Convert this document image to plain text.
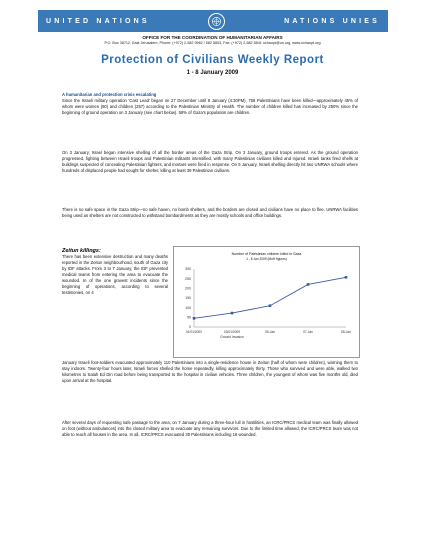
UNITED NATIONS	NATIONS UNIES
OFFICE FOR THE COORDINATION OF HUMANITARIAN AFFAIRS
P.O. Box 38712, East Jerusalem, Phone: (+972) 2-582 9962 / 582 5853, Fax: (+972) 2-582 5841 ochaopt@un.org, www.ochaopt.org
Protection of Civilians Weekly Report
1 - 8 January 2009
A humanitarian and protection crisis escalating
Since the Israeli military operation 'Cast Lead' began on 27 December until 8 January (4:30PM), 758 Palestinians have been killed—approximately 45% of whom were women (60) and children (257) according to the Palestinian Ministry of Health. The number of children killed has increased by 250% since the beginning of ground operation on 3 January (see chart below). 58% of Gaza's population are children.
On 3 January, Israel began intensive shelling of all the border areas of the Gaza Strip. On 3 January, ground troops entered. As the ground operation progressed, fighting between Israeli troops and Palestinian militants intensified, with many Palestinian civilians killed and injured. Israeli tanks fired shells at buildings suspected of concealing Palestinian fighters, and mortars were fired in response. On 5 January, Israeli shelling directly hit two UNRWA schools where hundreds of displaced people had sought for shelter, killing at least 39 Palestinian civilians.
There is no safe space in the Gaza Strip—no safe haven, no bomb shelters, and the borders are closed and civilians have no place to flee. UNRWA facilities being used as shelters are not constructed to withstand bombardments as they are mostly schools and office buildings.
Zeitun killings:
There has been extensive destruction and many deaths reported in the Zeitun neighbourhood, south of Gaza city by IDF attacks. From 3 to 7 January, the IDF prevented medical teams from entering the area to evacuate the wounded. In of the one gravest incidents since the beginning of operations, according to several testimonies, on 4
Number of Palestinian children killed in Gaza
1 - 8 Jan 2009 (MoH figures)
0
50
100
150
200
250
300
01/01/2000	03/01/2009	05-Jan	07-Jan	08-Jan
Ground Invasion
January Israeli foot-soldiers evacuated approximately 110 Palestinians into a single-residence house in Zeitun (half of whom were children), warning them to stay indoors. Twenty-four hours later, Israeli forces shelled the home repeatedly, killing approximately thirty. Those who survived and were able, walked two kilometres to Salah Ed Din road before being transported to the hospital in civilian vehicles. Three children, the youngest of whom was five months old, died upon arrival at the hospital.
After several days of requesting safe passage to the area, on 7 January during a three-hour lull in hostilities, an ICRC/PRCS medical team was finally allowed on foot (without ambulances) into the closed military area to evacuate any remaining survivors. Due to the limited time allowed, the ICRC/PRCS team was not able to reach all houses in the area. In all, ICRC/PRCS evacuated 30 Palestinians including 18 wounded.
